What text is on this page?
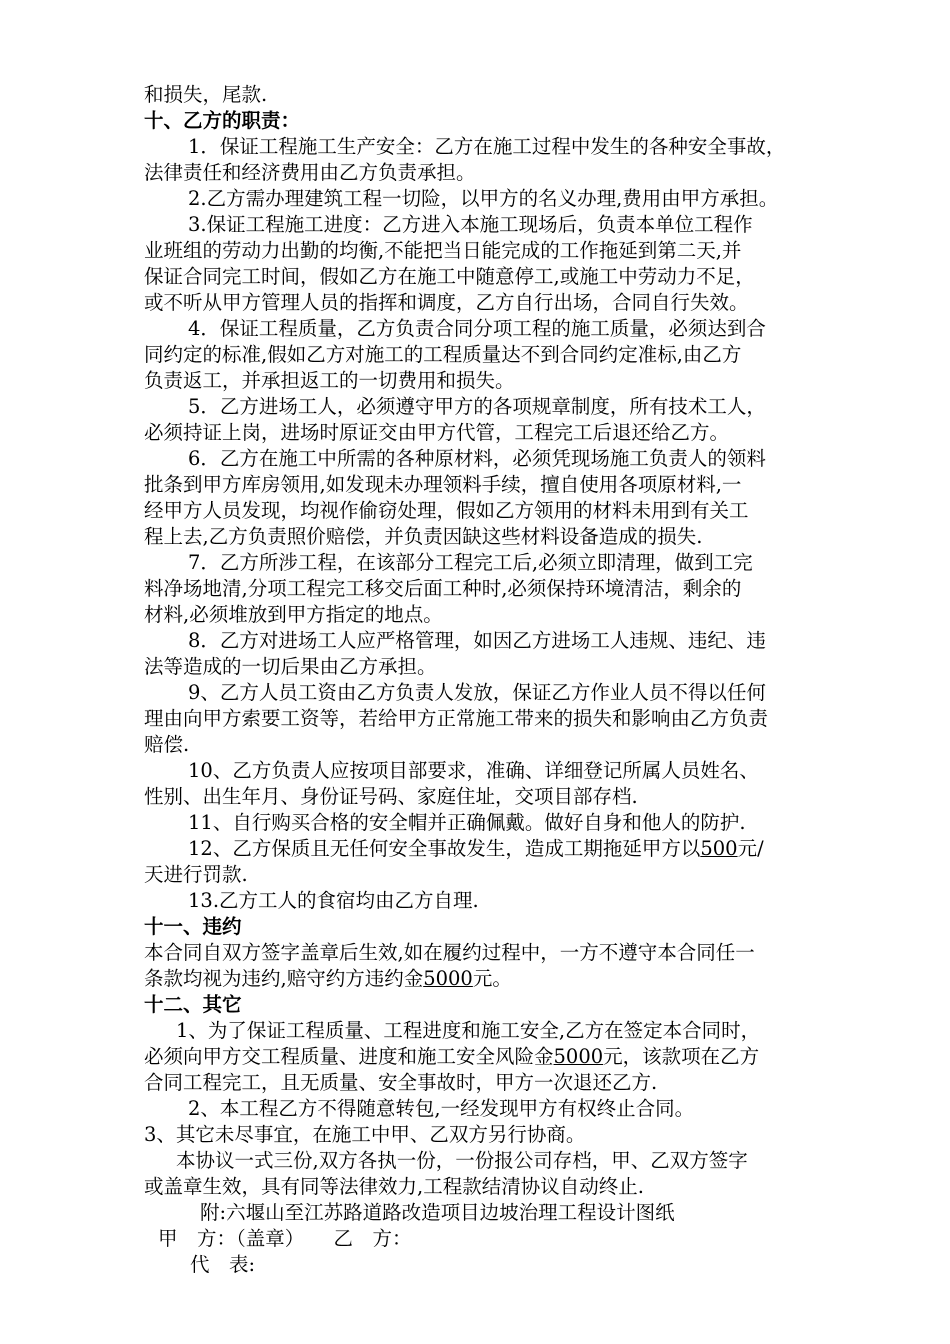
和损失，尾款.
十、乙方的职责：
1．保证工程施工生产安全：乙方在施工过程中发生的各种安全事故，
法律责任和经济费用由乙方负责承担。
2.乙方需办理建筑工程一切险，以甲方的名义办理,费用由甲方承担。
3.保证工程施工进度：乙方进入本施工现场后，负责本单位工程作
业班组的劳动力出勤的均衡,不能把当日能完成的工作拖延到第二天,并
保证合同完工时间，假如乙方在施工中随意停工,或施工中劳动力不足，
或不听从甲方管理人员的指挥和调度，乙方自行出场，合同自行失效。
4．保证工程质量，乙方负责合同分项工程的施工质量，必须达到合
同约定的标准,假如乙方对施工的工程质量达不到合同约定准标,由乙方
负责返工，并承担返工的一切费用和损失。
5．乙方进场工人，必须遵守甲方的各项规章制度，所有技术工人，
必须持证上岗，进场时原证交由甲方代管，工程完工后退还给乙方。
6．乙方在施工中所需的各种原材料，必须凭现场施工负责人的领料
批条到甲方库房领用,如发现未办理领料手续，擅自使用各项原材料,一
经甲方人员发现，均视作偷窃处理，假如乙方领用的材料未用到有关工
程上去,乙方负责照价赔偿，并负责因缺这些材料设备造成的损失.
7．乙方所涉工程，在该部分工程完工后,必须立即清理，做到工完
料净场地清,分项工程完工移交后面工种时,必须保持环境清洁，剩余的
材料,必须堆放到甲方指定的地点。
8．乙方对进场工人应严格管理，如因乙方进场工人违规、违纪、违
法等造成的一切后果由乙方承担。
9、乙方人员工资由乙方负责人发放，保证乙方作业人员不得以任何
理由向甲方索要工资等，若给甲方正常施工带来的损失和影响由乙方负责
赔偿.
10、乙方负责人应按项目部要求，准确、详细登记所属人员姓名、
性别、出生年月、身份证号码、家庭住址，交项目部存档.
11、自行购买合格的安全帽并正确佩戴。做好自身和他人的防护.
12、乙方保质且无任何安全事故发生，造成工期拖延甲方以500元/
天进行罚款.
13.乙方工人的食宿均由乙方自理.
十一、违约
本合同自双方签字盖章后生效,如在履约过程中，一方不遵守本合同任一
条款均视为违约,赔守约方违约金5000元。
十二、其它
1、为了保证工程质量、工程进度和施工安全,乙方在签定本合同时，
必须向甲方交工程质量、进度和施工安全风险金5000元，该款项在乙方
合同工程完工，且无质量、安全事故时，甲方一次退还乙方.
2、本工程乙方不得随意转包,一经发现甲方有权终止合同。
3、其它未尽事宜，在施工中甲、乙双方另行协商。
本协议一式三份,双方各执一份，一份报公司存档，甲、乙双方签字
或盖章生效，具有同等法律效力,工程款结清协议自动终止.
附:六堰山至江苏路道路改造项目边坡治理工程设计图纸
甲　方：（盖章）　　乙　方：
代　表:
